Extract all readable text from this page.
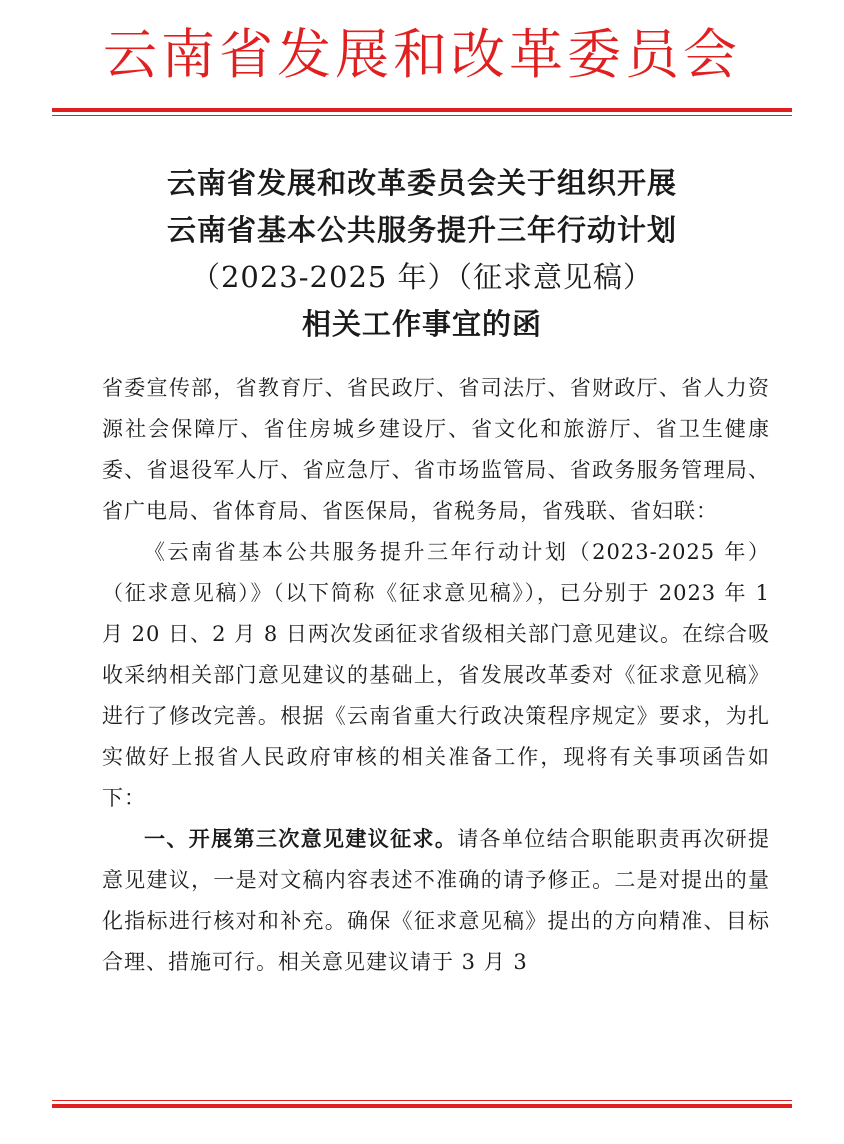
云南省发展和改革委员会
云南省发展和改革委员会关于组织开展
云南省基本公共服务提升三年行动计划
（2023-2025 年）（征求意见稿）
相关工作事宜的函

省委宣传部，省教育厅、省民政厅、省司法厅、省财政厅、省人力资源社会保障厅、省住房城乡建设厅、省文化和旅游厅、省卫生健康委、省退役军人厅、省应急厅、省市场监管局、省政务服务管理局、省广电局、省体育局、省医保局，省税务局，省残联、省妇联：

《云南省基本公共服务提升三年行动计划（2023-2025 年）（征求意见稿）》（以下简称《征求意见稿》），已分别于 2023 年 1 月 20 日、2 月 8 日两次发函征求省级相关部门意见建议。在综合吸收采纳相关部门意见建议的基础上，省发展改革委对《征求意见稿》进行了修改完善。根据《云南省重大行政决策程序规定》要求，为扎实做好上报省人民政府审核的相关准备工作，现将有关事项函告如下：

一、开展第三次意见建议征求。请各单位结合职能职责再次研提意见建议，一是对文稿内容表述不准确的请予修正。二是对提出的量化指标进行核对和补充。确保《征求意见稿》提出的方向精准、目标合理、措施可行。相关意见建议请于 3 月 3
